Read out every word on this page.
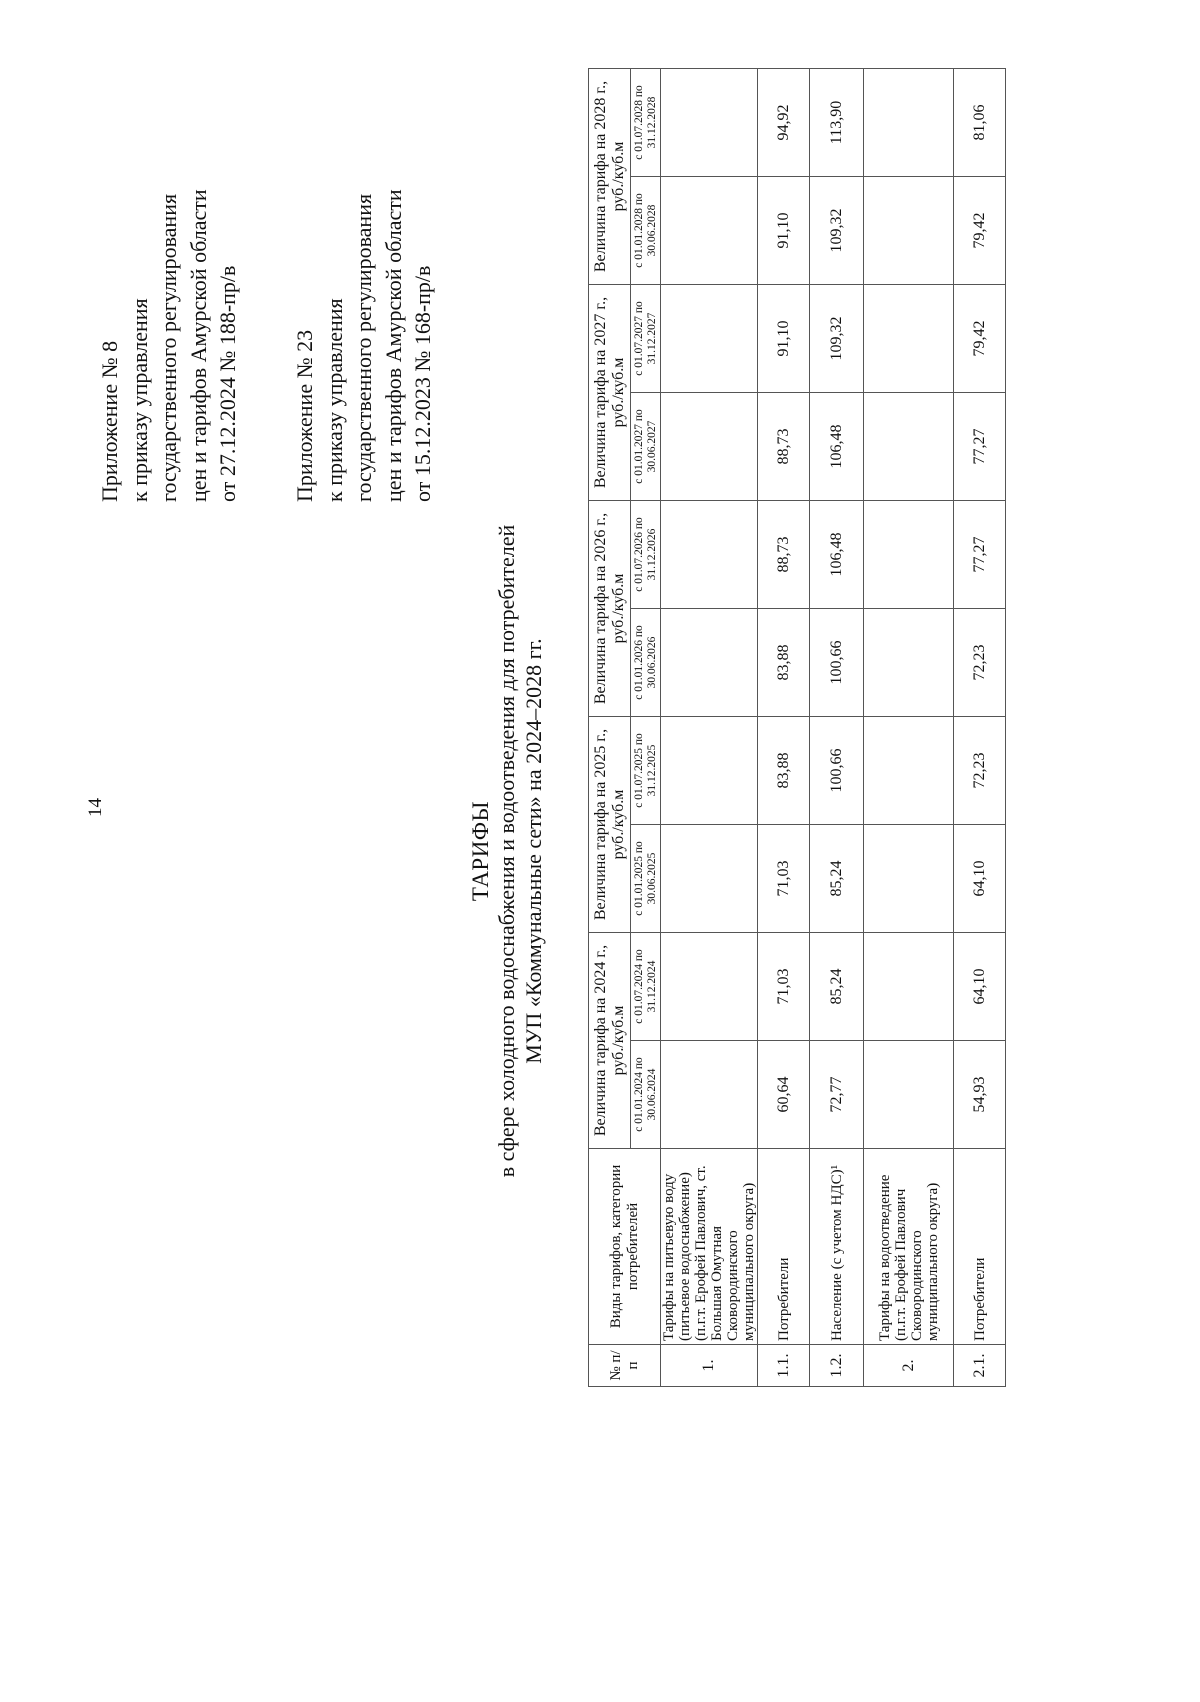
14
Приложение № 8 к приказу управления государственного регулирования цен и тарифов Амурской области от 27.12.2024 № 188-пр/в Приложение № 23 к приказу управления государственного регулирования цен и тарифов Амурской области от 15.12.2023 № 168-пр/в
ТАРИФЫ в сфере холодного водоснабжения и водоотведения для потребителей МУП «Коммунальные сети» на 2024–2028 гг.
№ п/п	Виды тарифов, категории потребителей	Величина тарифа на 2024 г., руб./куб.м		Величина тарифа на 2025 г., руб./куб.м		Величина тарифа на 2026 г., руб./куб.м		Величина тарифа на 2027 г., руб./куб.м		Величина тарифа на 2028 г., руб./куб.м	
		с 01.01.2024 по 30.06.2024	с 01.07.2024 по 31.12.2024	с 01.01.2025 по 30.06.2025	с 01.07.2025 по 31.12.2025	с 01.01.2026 по 30.06.2026	с 01.07.2026 по 31.12.2026	с 01.01.2027 по 30.06.2027	с 01.07.2027 по 31.12.2027	с 01.01.2028 по 30.06.2028	с 01.07.2028 по 31.12.2028
1.	Тарифы на питьевую воду (питьевое водоснабжение) (п.г.т. Ерофей Павлович, ст. Большая Омутная Сковородинского муниципального округа)										
1.1.	Потребители	60,64	71,03	71,03	83,88	83,88	88,73	88,73	91,10	91,10	94,92
1.2.	Население (с учетом НДС)¹	72,77	85,24	85,24	100,66	100,66	106,48	106,48	109,32	109,32	113,90
2.	Тарифы на водоотведение (п.г.т. Ерофей Павлович Сковородинского муниципального округа)										
2.1.	Потребители	54,93	64,10	64,10	72,23	72,23	77,27	77,27	79,42	79,42	81,06
